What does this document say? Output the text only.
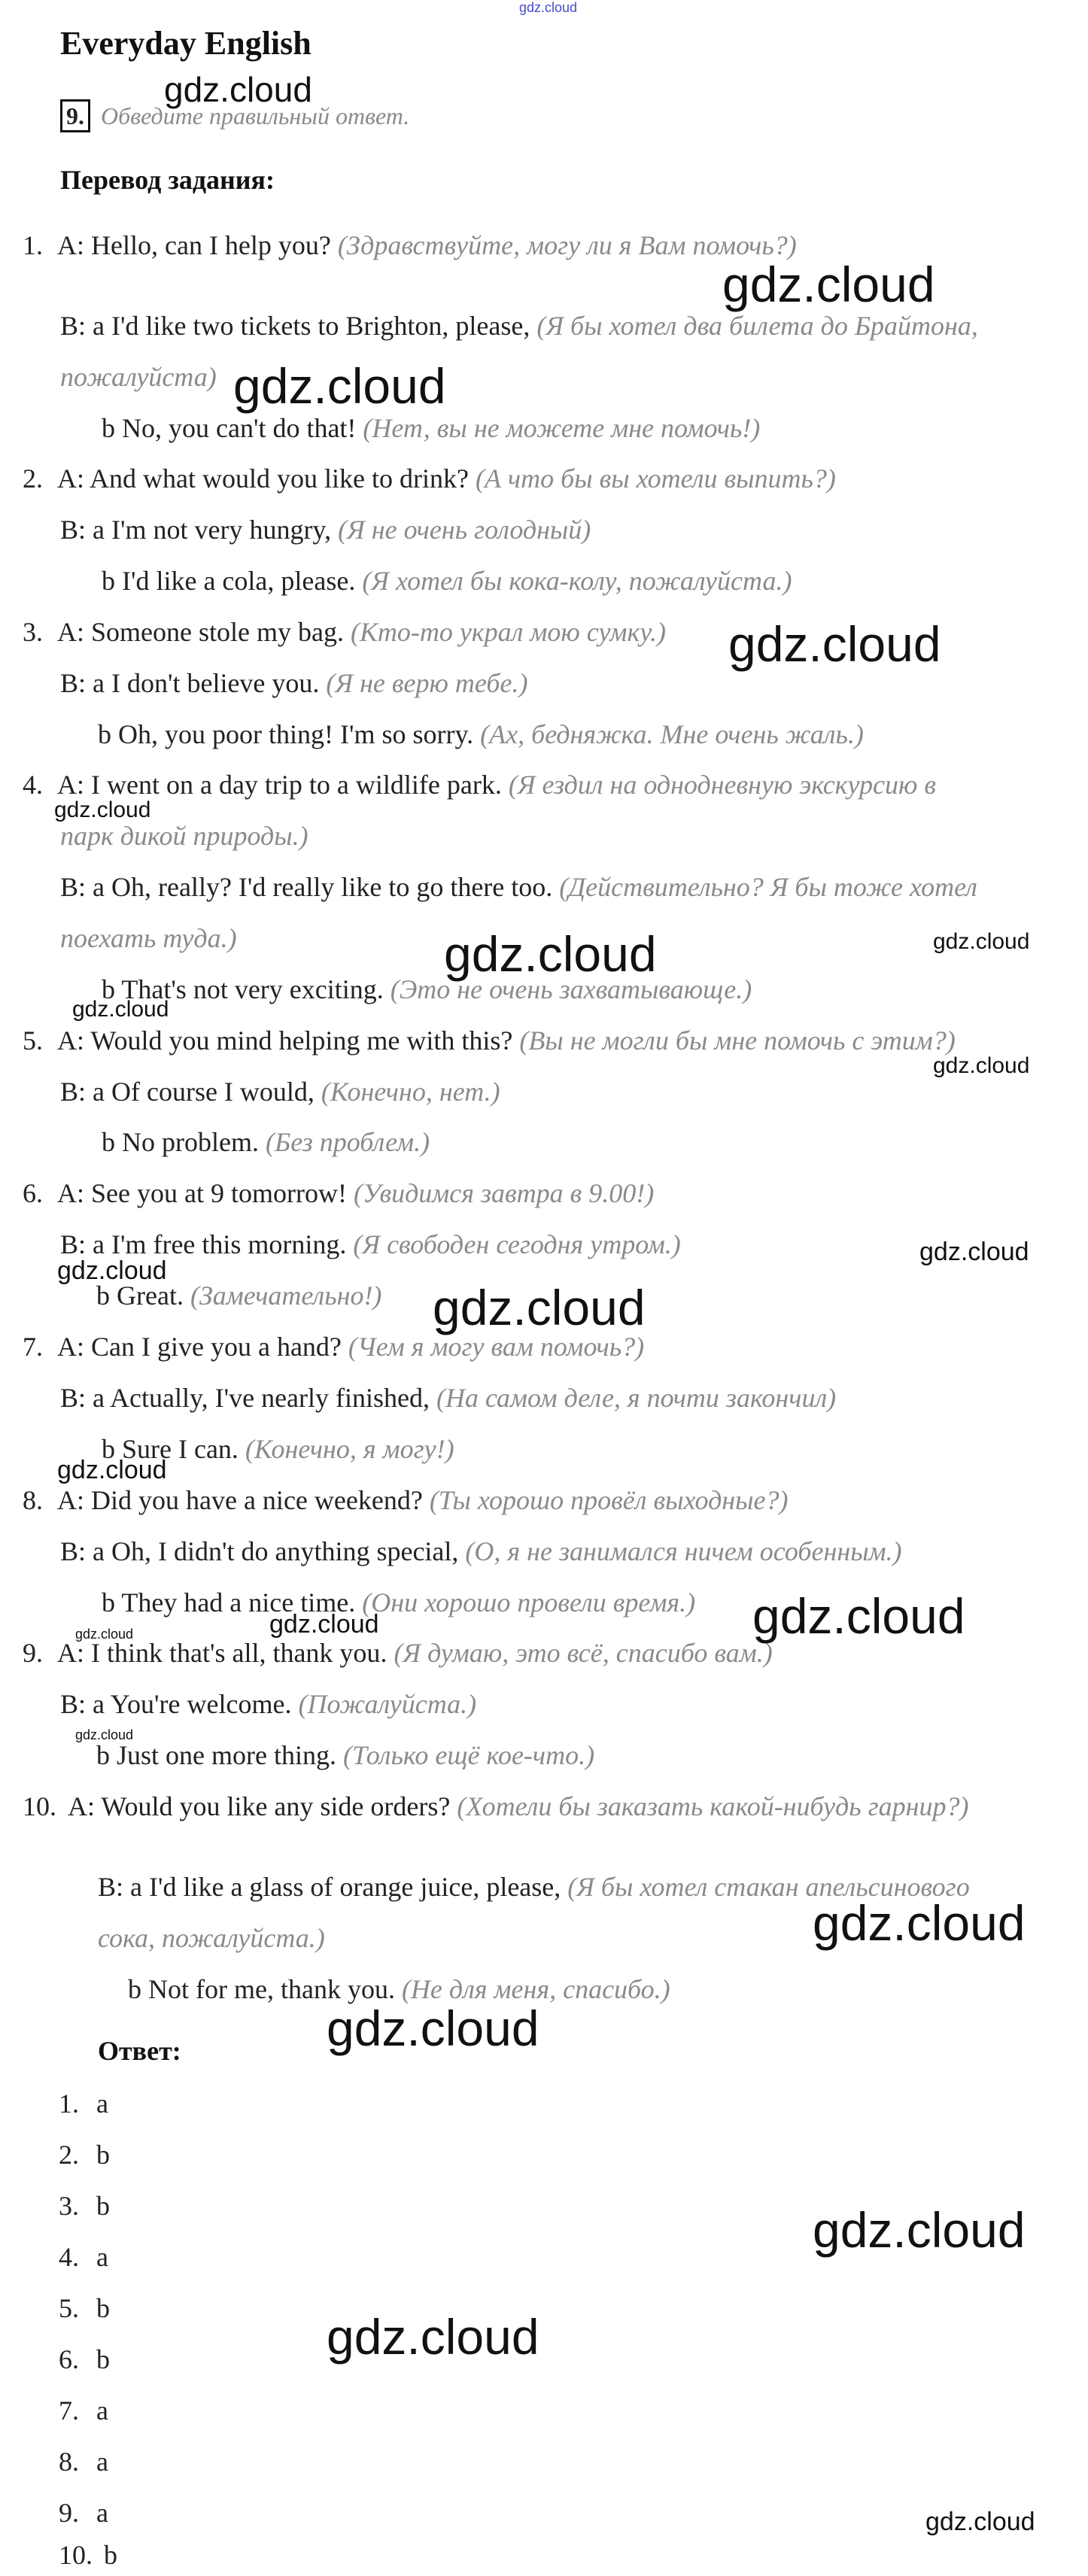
gdz.cloud
Everyday English
9. Обведите правильный ответ.
Перевод задания:
1. A: Hello, can I help you? (Здравствуйте, могу ли я Вам помочь?)
B: a I'd like two tickets to Brighton, please, (Я бы хотел два билета до Брайтона,
пожалуйста)
b No, you can't do that! (Нет, вы не можете мне помочь!)
2. A: And what would you like to drink? (А что бы вы хотели выпить?)
B: a I'm not very hungry, (Я не очень голодный)
b I'd like a cola, please. (Я хотел бы кока-колу, пожалуйста.)
3. A: Someone stole my bag. (Кто-то украл мою сумку.)
B: a I don't believe you. (Я не верю тебе.)
b Oh, you poor thing! I'm so sorry. (Ах, бедняжка. Мне очень жаль.)
4. A: I went on a day trip to a wildlife park. (Я ездил на однодневную экскурсию в
парк дикой природы.)
B: a Oh, really? I'd really like to go there too. (Действительно? Я бы тоже хотел
поехать туда.)
b That's not very exciting. (Это не очень захватывающе.)
5. A: Would you mind helping me with this? (Вы не могли бы мне помочь с этим?)
B: a Of course I would, (Конечно, нет.)
b No problem. (Без проблем.)
6. A: See you at 9 tomorrow! (Увидимся завтра в 9.00!)
B: a I'm free this morning. (Я свободен сегодня утром.)
b Great. (Замечательно!)
7. A: Can I give you a hand? (Чем я могу вам помочь?)
B: a Actually, I've nearly finished, (На самом деле, я почти закончил)
b Sure I can. (Конечно, я могу!)
8. A: Did you have a nice weekend? (Ты хорошо провёл выходные?)
B: a Oh, I didn't do anything special, (О, я не занимался ничем особенным.)
b They had a nice time. (Они хорошо провели время.)
9. A: I think that's all, thank you. (Я думаю, это всё, спасибо вам.)
B: a You're welcome. (Пожалуйста.)
b Just one more thing. (Только ещё кое-что.)
10. A: Would you like any side orders? (Хотели бы заказать какой-нибудь гарнир?)
B: a I'd like a glass of orange juice, please, (Я бы хотел стакан апельсинового
сока, пожалуйста.)
b Not for me, thank you. (Не для меня, спасибо.)
Ответ:
1. a
2. b
3. b
4. a
5. b
6. b
7. a
8. a
9. a
10. b
gdz.cloud
gdz.cloud
gdz.cloud
gdz.cloud
gdz.cloud
gdz.cloud	gdz.cloud
gdz.cloud
gdz.cloud
gdz.cloud
gdz.cloud
gdz.cloud
gdz.cloud
gdz.cloud
gdz.cloud	gdz.cloud
gdz.cloud
gdz.cloud
gdz.cloud
gdz.cloud
gdz.cloud
gdz.cloud
